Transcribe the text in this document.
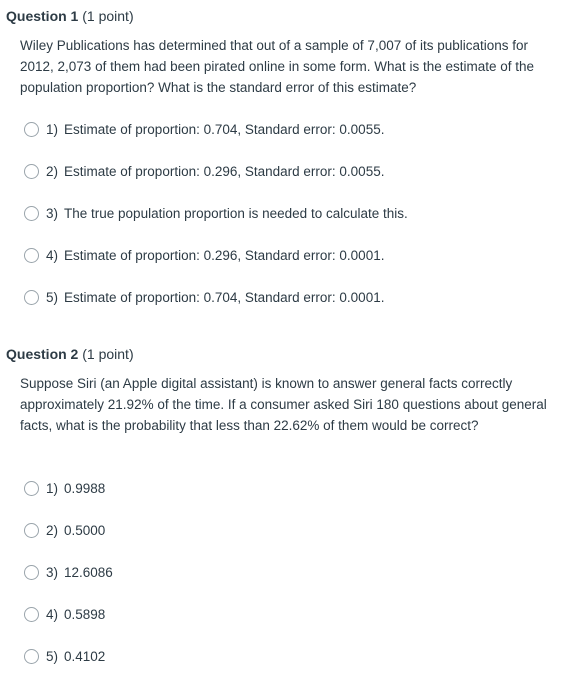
Question 1 (1 point)
Wiley Publications has determined that out of a sample of 7,007 of its publications for 2012, 2,073 of them had been pirated online in some form. What is the estimate of the population proportion? What is the standard error of this estimate?
1) Estimate of proportion: 0.704, Standard error: 0.0055.
2) Estimate of proportion: 0.296, Standard error: 0.0055.
3) The true population proportion is needed to calculate this.
4) Estimate of proportion: 0.296, Standard error: 0.0001.
5) Estimate of proportion: 0.704, Standard error: 0.0001.
Question 2 (1 point)
Suppose Siri (an Apple digital assistant) is known to answer general facts correctly approximately 21.92% of the time. If a consumer asked Siri 180 questions about general facts, what is the probability that less than 22.62% of them would be correct?
1) 0.9988
2) 0.5000
3) 12.6086
4) 0.5898
5) 0.4102
